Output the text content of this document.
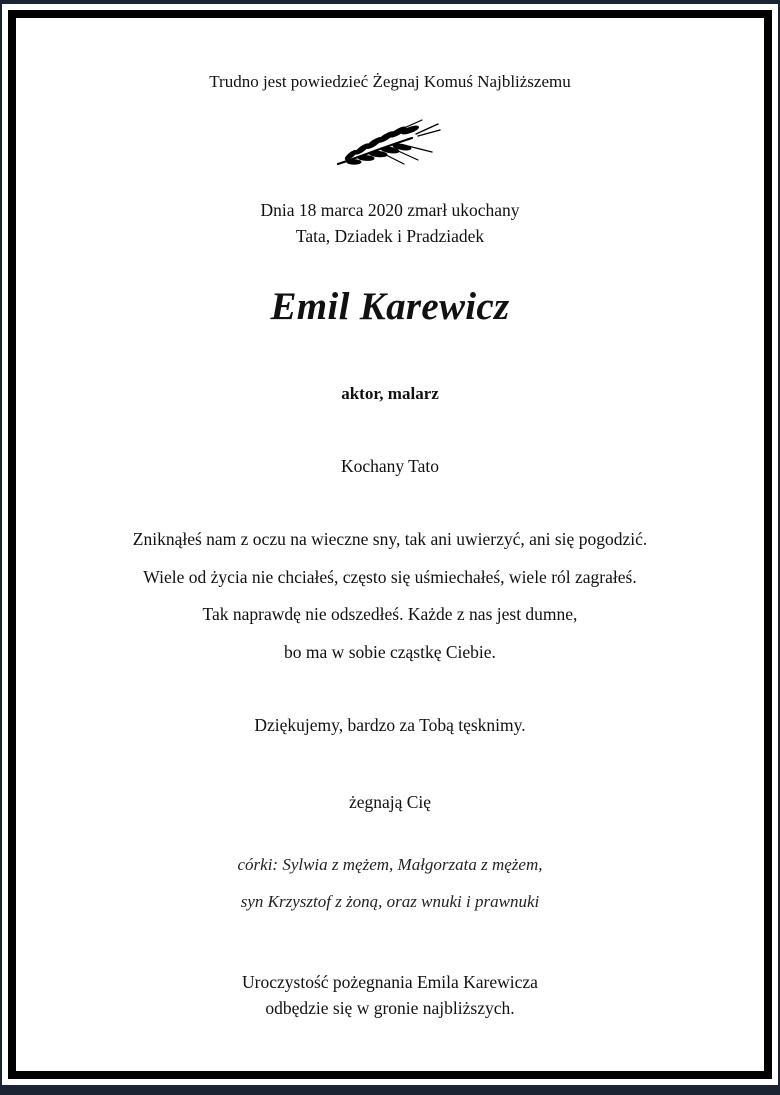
Trudno jest powiedzieć Żegnaj Komuś Najbliższemu
Dnia 18 marca 2020 zmarł ukochany
Tata, Dziadek i Pradziadek
Emil Karewicz
aktor, malarz
Kochany Tato
Zniknąłeś nam z oczu na wieczne sny, tak ani uwierzyć, ani się pogodzić.
Wiele od życia nie chciałeś, często się uśmiechałeś, wiele ról zagrałeś.
Tak naprawdę nie odszedłeś. Każde z nas jest dumne,
bo ma w sobie cząstkę Ciebie.
Dziękujemy, bardzo za Tobą tęsknimy.
żegnają Cię
córki: Sylwia z mężem, Małgorzata z mężem,
syn Krzysztof z żoną, oraz wnuki i prawnuki
Uroczystość pożegnania Emila Karewicza
odbędzie się w gronie najbliższych.
